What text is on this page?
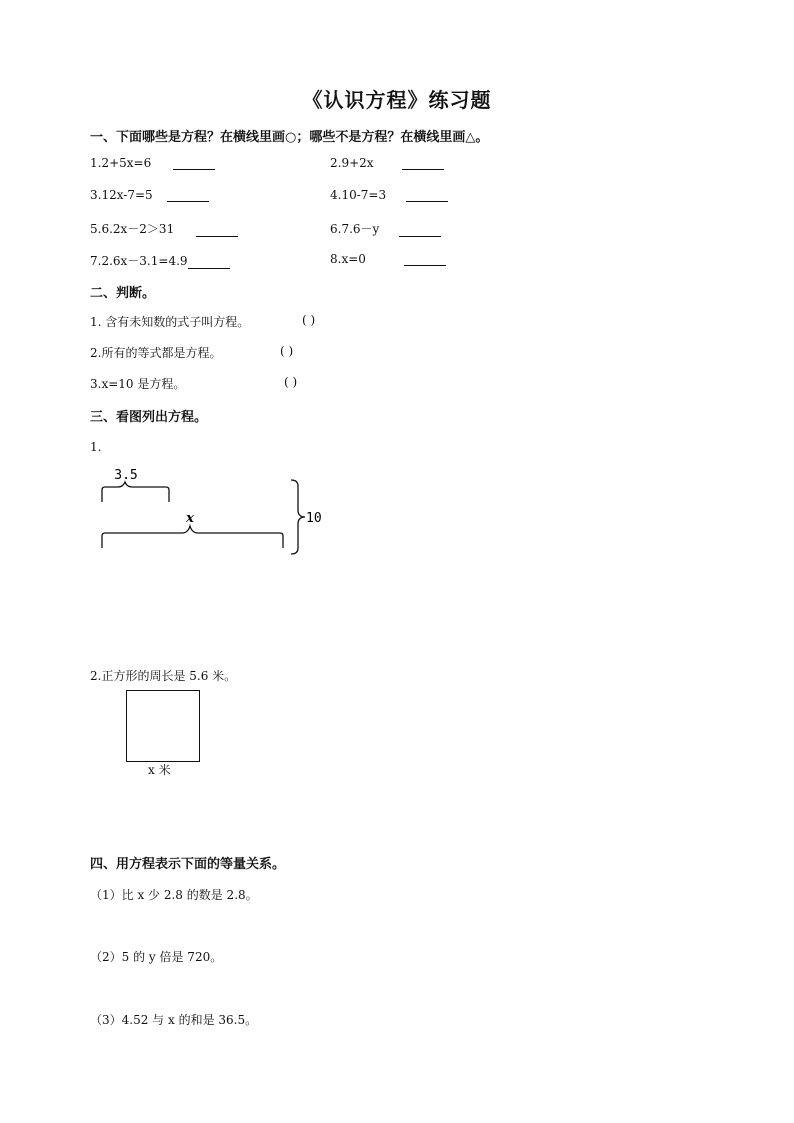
《认识方程》练习题
一、下面哪些是方程？在横线里画○；哪些不是方程？在横线里画△。
1.2+5x=6	2.9+2x
3.12x-7=5	4.10-7=3
5.6.2x－2＞31	6.7.6－y
7.2.6x－3.1=4.9	8.x=0
二、判断。
1. 含有未知数的式子叫方程。	( )
2.所有的等式都是方程。	( )
3.x=10 是方程。	( )
三、看图列出方程。
1.
3.5
x	10
2.正方形的周长是 5.6 米。
x 米
四、用方程表示下面的等量关系。
（1）比 x 少 2.8 的数是 2.8。
（2）5 的 y 倍是 720。
（3）4.52 与 x 的和是 36.5。
